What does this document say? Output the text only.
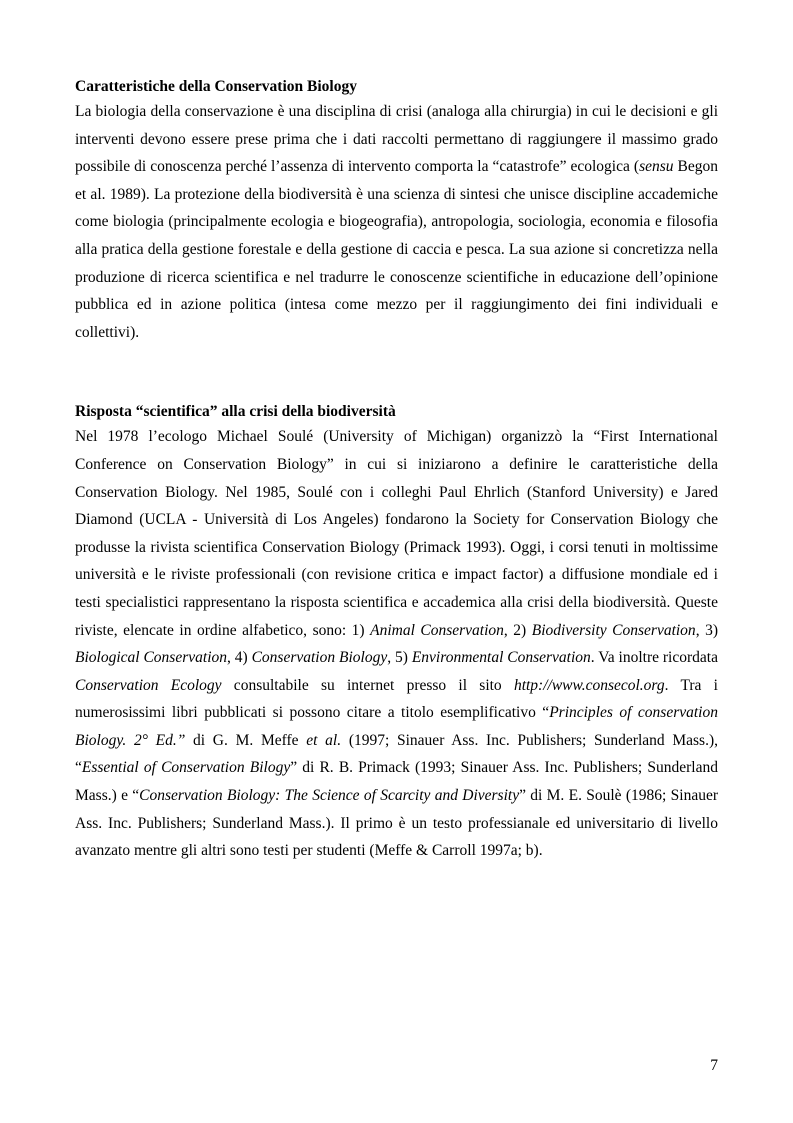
Caratteristiche della Conservation Biology

La biologia della conservazione è una disciplina di crisi (analoga alla chirurgia) in cui le decisioni e gli interventi devono essere prese prima che i dati raccolti permettano di raggiungere il massimo grado possibile di conoscenza perché l’assenza di intervento comporta la “catastrofe” ecologica (sensu Begon et al. 1989). La protezione della biodiversità è una scienza di sintesi che unisce discipline accademiche come biologia (principalmente ecologia e biogeografia), antropologia, sociologia, economia e filosofia alla pratica della gestione forestale e della gestione di caccia e pesca. La sua azione si concretizza nella produzione di ricerca scientifica e nel tradurre le conoscenze scientifiche in educazione dell’opinione pubblica ed in azione politica (intesa come mezzo per il raggiungimento dei fini individuali e collettivi).

Risposta “scientifica” alla crisi della biodiversità

Nel 1978 l’ecologo Michael Soulé (University of Michigan) organizzò la “First International Conference on Conservation Biology” in cui si iniziarono a definire le caratteristiche della Conservation Biology. Nel 1985, Soulé con i colleghi Paul Ehrlich (Stanford University) e Jared Diamond (UCLA - Università di Los Angeles) fondarono la Society for Conservation Biology che produsse la rivista scientifica Conservation Biology (Primack 1993). Oggi, i corsi tenuti in moltissime università e le riviste professionali (con revisione critica e impact factor) a diffusione mondiale ed i testi specialistici rappresentano la risposta scientifica e accademica alla crisi della biodiversità. Queste riviste, elencate in ordine alfabetico, sono: 1) Animal Conservation, 2) Biodiversity Conservation, 3) Biological Conservation, 4) Conservation Biology, 5) Environmental Conservation. Va inoltre ricordata Conservation Ecology consultabile su internet presso il sito http://www.consecol.org. Tra i numerosissimi libri pubblicati si possono citare a titolo esemplificativo “Principles of conservation Biology. 2° Ed.” di G. M. Meffe et al. (1997; Sinauer Ass. Inc. Publishers; Sunderland Mass.), “Essential of Conservation Bilogy” di R. B. Primack (1993; Sinauer Ass. Inc. Publishers; Sunderland Mass.) e “Conservation Biology: The Science of Scarcity and Diversity” di M. E. Soulè (1986; Sinauer Ass. Inc. Publishers; Sunderland Mass.). Il primo è un testo professianale ed universitario di livello avanzato mentre gli altri sono testi per studenti (Meffe & Carroll 1997a; b).

7
